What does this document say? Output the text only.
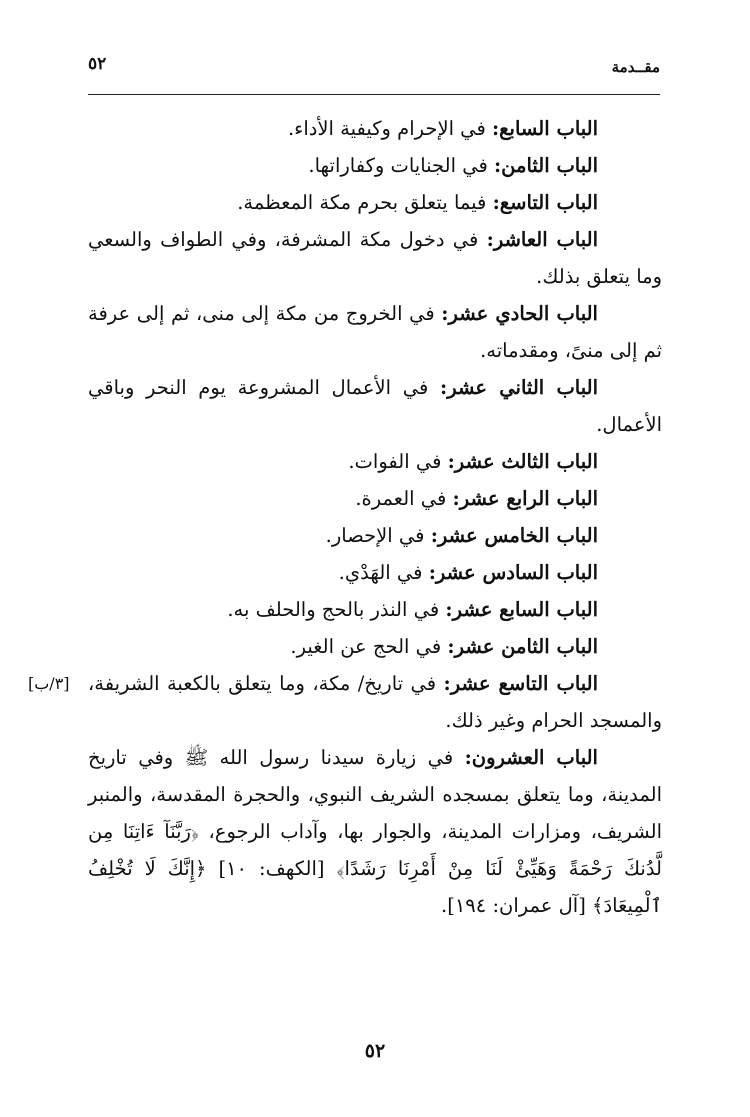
مقــدمة
٥٢

الباب السابع: في الإحرام وكيفية الأداء.

الباب الثامن: في الجنايات وكفاراتها.

الباب التاسع: فيما يتعلق بحرم مكة المعظمة.

الباب العاشر: في دخول مكة المشرفة، وفي الطواف والسعي وما يتعلق بذلك.

الباب الحادي عشر: في الخروج من مكة إلى منى، ثم إلى عرفة ثم إلى منىً، ومقدماته.

الباب الثاني عشر: في الأعمال المشروعة يوم النحر وباقي الأعمال.

الباب الثالث عشر: في الفوات.

الباب الرابع عشر: في العمرة.

الباب الخامس عشر: في الإحصار.

الباب السادس عشر: في الهَدْي.

الباب السابع عشر: في النذر بالحج والحلف به.

الباب الثامن عشر: في الحج عن الغير.

[٣/ب]	الباب التاسع عشر: في تاريخ/ مكة، وما يتعلق بالكعبة الشريفة، والمسجد الحرام وغير ذلك.

الباب العشرون: في زيارة سيدنا رسول الله ﷺ وفي تاريخ المدينة، وما يتعلق بمسجده الشريف النبوي، والحجرة المقدسة، والمنبر الشريف، ومزارات المدينة، والجوار بها، وآداب الرجوع، ﴿رَبَّنَآ ءَاتِنَا مِن لَّدُنكَ رَحْمَةً وَهَيِّئْ لَنَا مِنْ أَمْرِنَا رَشَدًا﴾ [الكهف: ١٠] ﴿إِنَّكَ لَا تُخْلِفُ ٱلْمِيعَادَ﴾ [آل عمران: ١٩٤].

٥٢
